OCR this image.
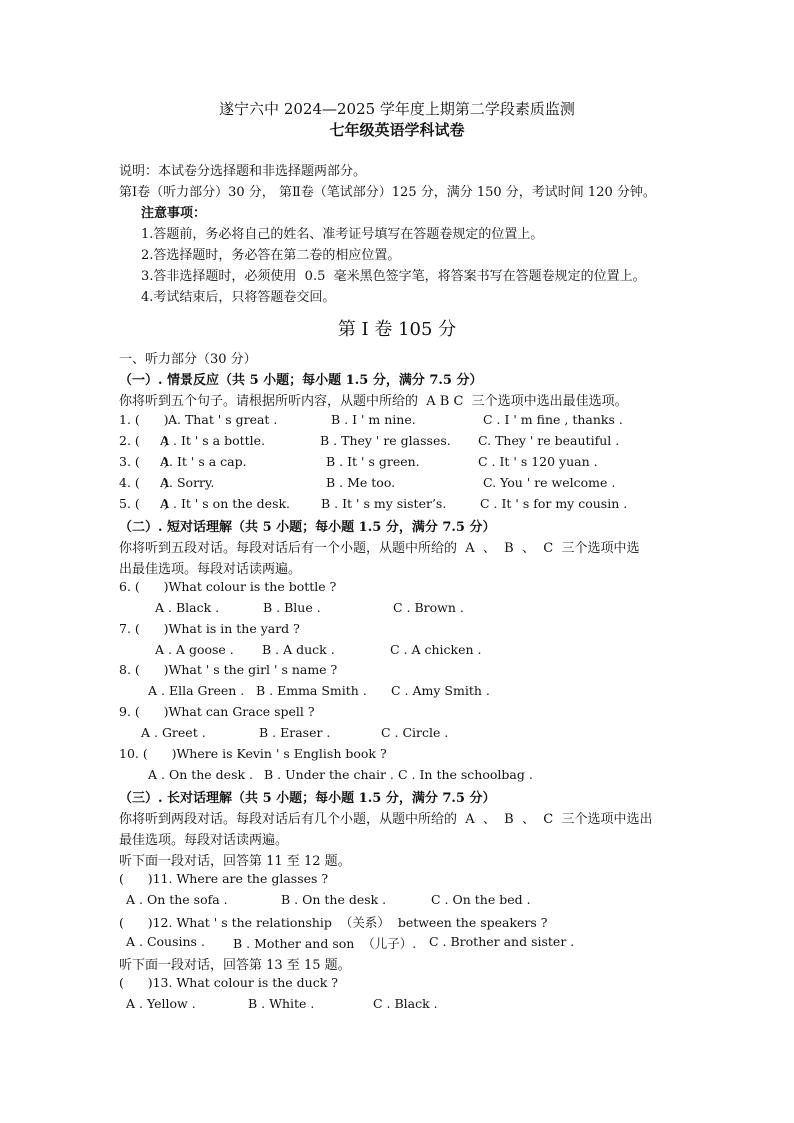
遂宁六中 2024—2025 学年度上期第二学段素质监测
七年级英语学科试卷
说明：本试卷分选择题和非选择题两部分。
第Ⅰ卷（听力部分）30 分， 第Ⅱ卷（笔试部分）125 分，满分 150 分，考试时间 120 分钟。
注意事项：
1.答题前，务必将自己的姓名、准考证号填写在答题卷规定的位置上。
2.答选择题时，务必答在第二卷的相应位置。
3.答非选择题时，必须使用  0.5  毫米黑色签字笔，将答案书写在答题卷规定的位置上。
4.考试结束后，只将答题卷交回。
第 I 卷 105 分
一、听力部分（30 分）
（一）. 情景反应（共 5 小题；每小题 1.5 分，满分 7.5 分）
你将听到五个句子。请根据所听内容，从题中所给的  A B C  三个选项中选出最佳选项。
1. (      ) A. That ' s great .	B . I ' m nine.	C . I ' m fine , thanks .
2. (      )
A . It ' s a bottle.	B . They ' re glasses. C. They ' re beautiful .
3. (      )
A. It ' s a cap.	B . It ' s green.	C . It ' s 120 yuan .
4. (      )
A. Sorry.	B . Me too.	C. You ' re welcome .
5. (      )
A . It ' s on the desk. B . It ' s my sister’s.	C . It ' s for my cousin .
（二）. 短对话理解（共 5 小题；每小题 1.5 分，满分 7.5 分）
你将听到五段对话。每段对话后有一个小题，从题中所给的  A  、  B  、  C  三个选项中选
出最佳选项。每段对话读两遍。
6. (      )What colour is the bottle ?
A . Black .	B . Blue .	C . Brown .
7. (      )What is in the yard ?
A . A goose . B . A duck .	C . A chicken .
8. (      )What ' s the girl ' s name ?
A . Ella Green . B . Emma Smith . C . Amy Smith .
9. (      )What can Grace spell ?
A . Greet .	B . Eraser .	C . Circle .
10. (      )Where is Kevin ' s English book ?
A . On the desk . B . Under the chair . C . In the schoolbag .
（三）. 长对话理解（共 5 小题；每小题 1.5 分，满分 7.5 分）
你将听到两段对话。每段对话后有几个小题，从题中所给的  A  、  B  、  C  三个选项中选出
最佳选项。每段对话读两遍。
听下面一段对话，回答第 11 至 12 题。
(      )11. Where are the glasses ?
A . On the sofa .	B . On the desk .	C . On the bed .
(      )12. What ' s the relationship  （关系）  between the speakers ?
A . Cousins . B . Mother and son  （儿子）. C . Brother and sister .
听下面一段对话，回答第 13 至 15 题。
(      )13. What colour is the duck ?
A . Yellow .	B . White .	C . Black .
